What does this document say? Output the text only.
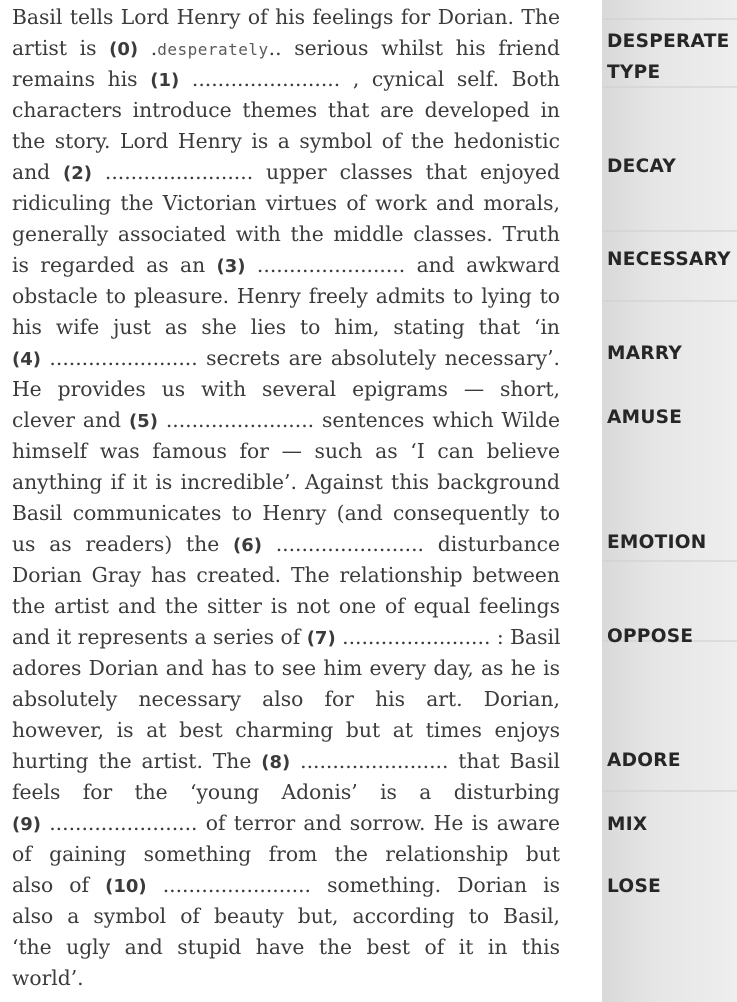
Basil tells Lord Henry of his feelings for Dorian. The
artist is (0) .desperately.. serious whilst his friend
remains his (1) ....................... , cynical self. Both
characters introduce themes that are developed in
the story. Lord Henry is a symbol of the hedonistic
and (2) ....................... upper classes that enjoyed
ridiculing the Victorian virtues of work and morals,
generally associated with the middle classes. Truth
is regarded as an (3) ....................... and awkward
obstacle to pleasure. Henry freely admits to lying to
his wife just as she lies to him, stating that ‘in
(4) ....................... secrets are absolutely necessary’.
He provides us with several epigrams — short,
clever and (5) ....................... sentences which Wilde
himself was famous for — such as ‘I can believe
anything if it is incredible’. Against this background
Basil communicates to Henry (and consequently to
us as readers) the (6) ....................... disturbance
Dorian Gray has created. The relationship between
the artist and the sitter is not one of equal feelings
and it represents a series of (7) ....................... : Basil
adores Dorian and has to see him every day, as he is
absolutely necessary also for his art. Dorian,
however, is at best charming but at times enjoys
hurting the artist. The (8) ....................... that Basil
feels for the ‘young Adonis’ is a disturbing
(9) ....................... of terror and sorrow. He is aware
of gaining something from the relationship but
also of (10) ....................... something. Dorian is
also a symbol of beauty but, according to Basil,
‘the ugly and stupid have the best of it in this
world’.
DESPERATE
TYPE
DECAY
NECESSARY
MARRY
AMUSE
EMOTION
OPPOSE
ADORE
MIX
LOSE
